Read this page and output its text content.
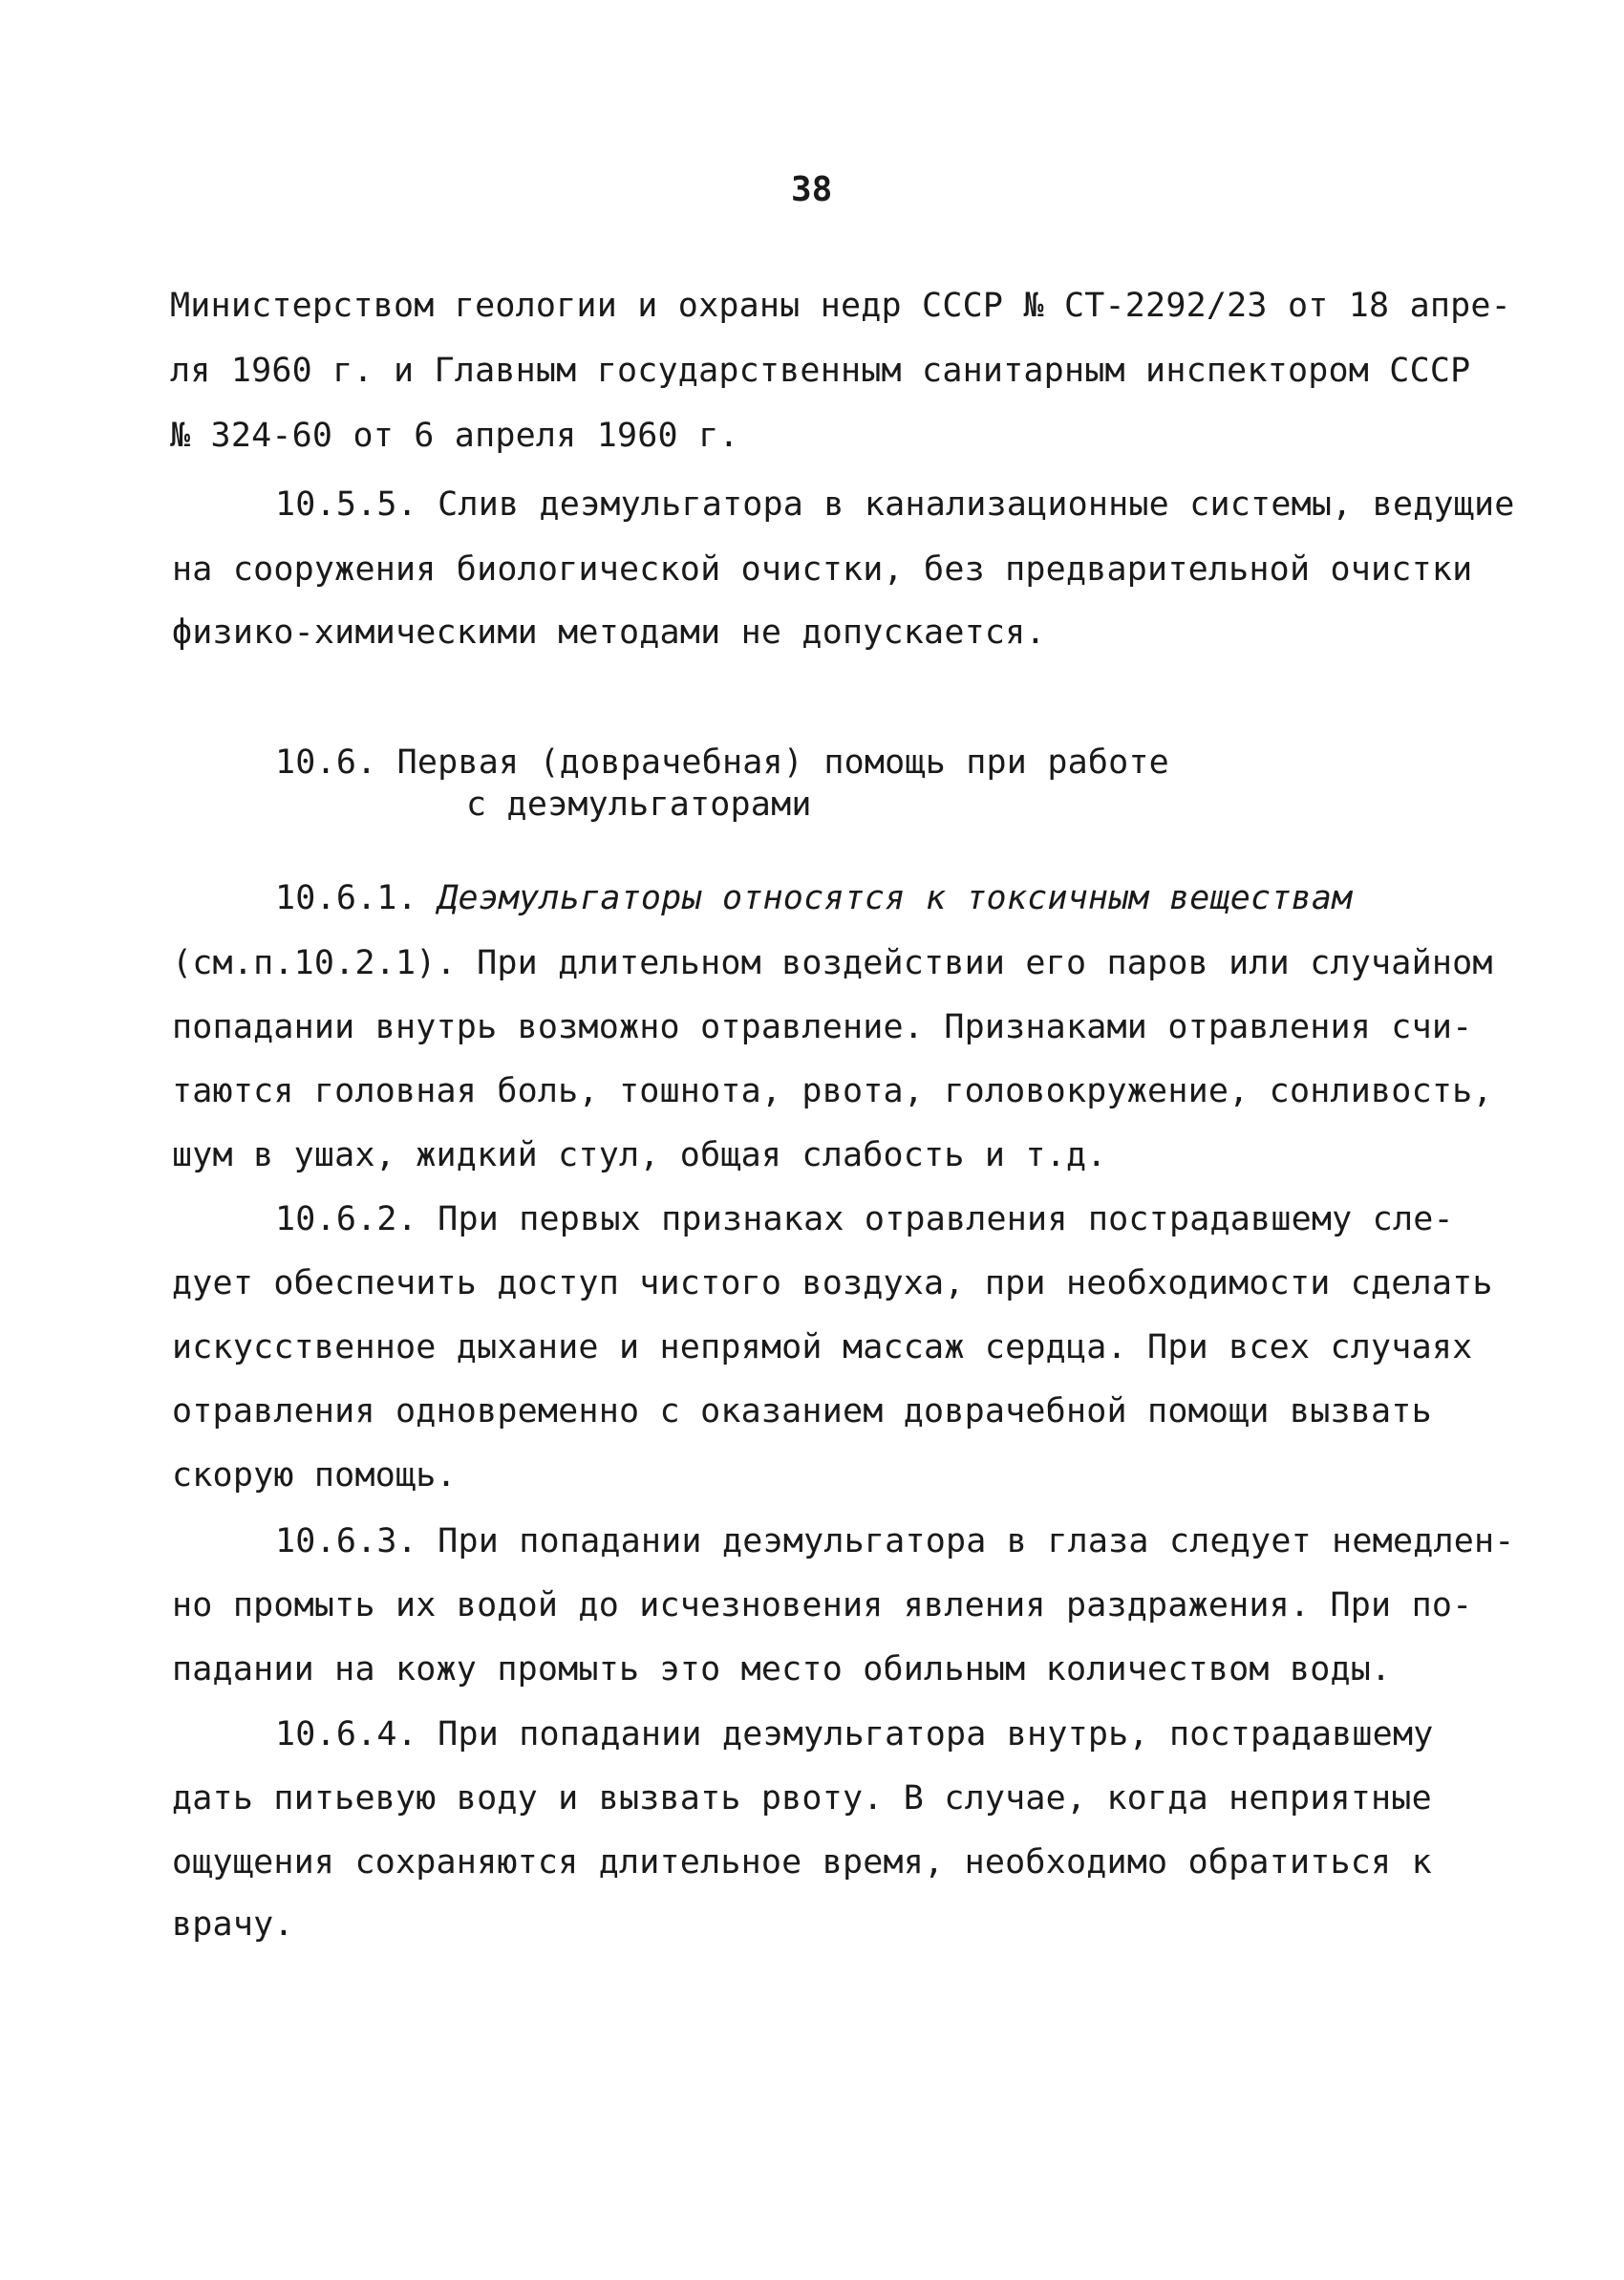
38
Министерством геологии и охраны недр СССР № СТ-2292/23 от 18 апре-
ля 1960 г. и Главным государственным санитарным инспектором СССР
№ 324-60 от 6 апреля 1960 г.
10.5.5. Слив деэмульгатора в канализационные системы, ведущие
на сооружения биологической очистки, без предварительной очистки
физико-химическими методами не допускается.
10.6. Первая (доврачебная) помощь при работе
с деэмульгаторами
10.6.1. Деэмульгаторы относятся к токсичным веществам
(см.п.10.2.1). При длительном воздействии его паров или случайном
попадании внутрь возможно отравление. Признаками отравления счи-
таются головная боль, тошнота, рвота, головокружение, сонливость,
шум в ушах, жидкий стул, общая слабость и т.д.
10.6.2. При первых признаках отравления пострадавшему сле-
дует обеспечить доступ чистого воздуха, при необходимости сделать
искусственное дыхание и непрямой массаж сердца. При всех случаях
отравления одновременно с оказанием доврачебной помощи вызвать
скорую помощь.
10.6.3. При попадании деэмульгатора в глаза следует немедлен-
но промыть их водой до исчезновения явления раздражения. При по-
падании на кожу промыть это место обильным количеством воды.
10.6.4. При попадании деэмульгатора внутрь, пострадавшему
дать питьевую воду и вызвать рвоту. В случае, когда неприятные
ощущения сохраняются длительное время, необходимо обратиться к
врачу.
